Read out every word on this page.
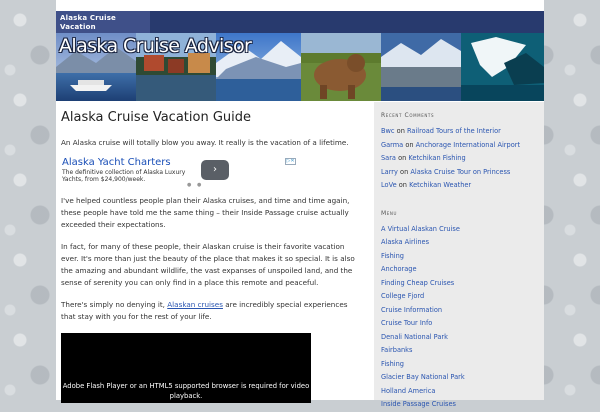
Alaska Cruise Vacation
Alaska Cruise Advisor
Alaska Cruise Vacation Guide

An Alaska cruise will totally blow you away. It really is the vacation of a lifetime.

Alaska Yacht Charters
The definitive collection of Alaska Luxury Yachts, from $24,900/week.
›
● ●
▷✕

I've helped countless people plan their Alaska cruises, and time and time again, these people have told me the same thing – their Inside Passage cruise actually exceeded their expectations.

In fact, for many of these people, their Alaskan cruise is their favorite vacation ever. It's more than just the beauty of the place that makes it so special. It is also the amazing and abundant wildlife, the vast expanses of unspoiled land, and the sense of serenity you can only find in a place this remote and peaceful.

There's simply no denying it, Alaskan cruises are incredibly special experiences that stay with you for the rest of your life.

Adobe Flash Player or an HTML5 supported browser is required for video playback.
Recent Comments
Bwc on Railroad Tours of the Interior
Garma on Anchorage International Airport
Sara on Ketchikan Fishing
Larry on Alaska Cruise Tour on Princess
LoVe on Ketchikan Weather
Menu
A Virtual Alaskan Cruise
Alaska Airlines
Fishing
Anchorage
Finding Cheap Cruises
College Fjord
Cruise Information
Cruise Tour Info
Denali National Park
Fairbanks
Fishing
Glacier Bay National Park
Holland America
Inside Passage Cruises
